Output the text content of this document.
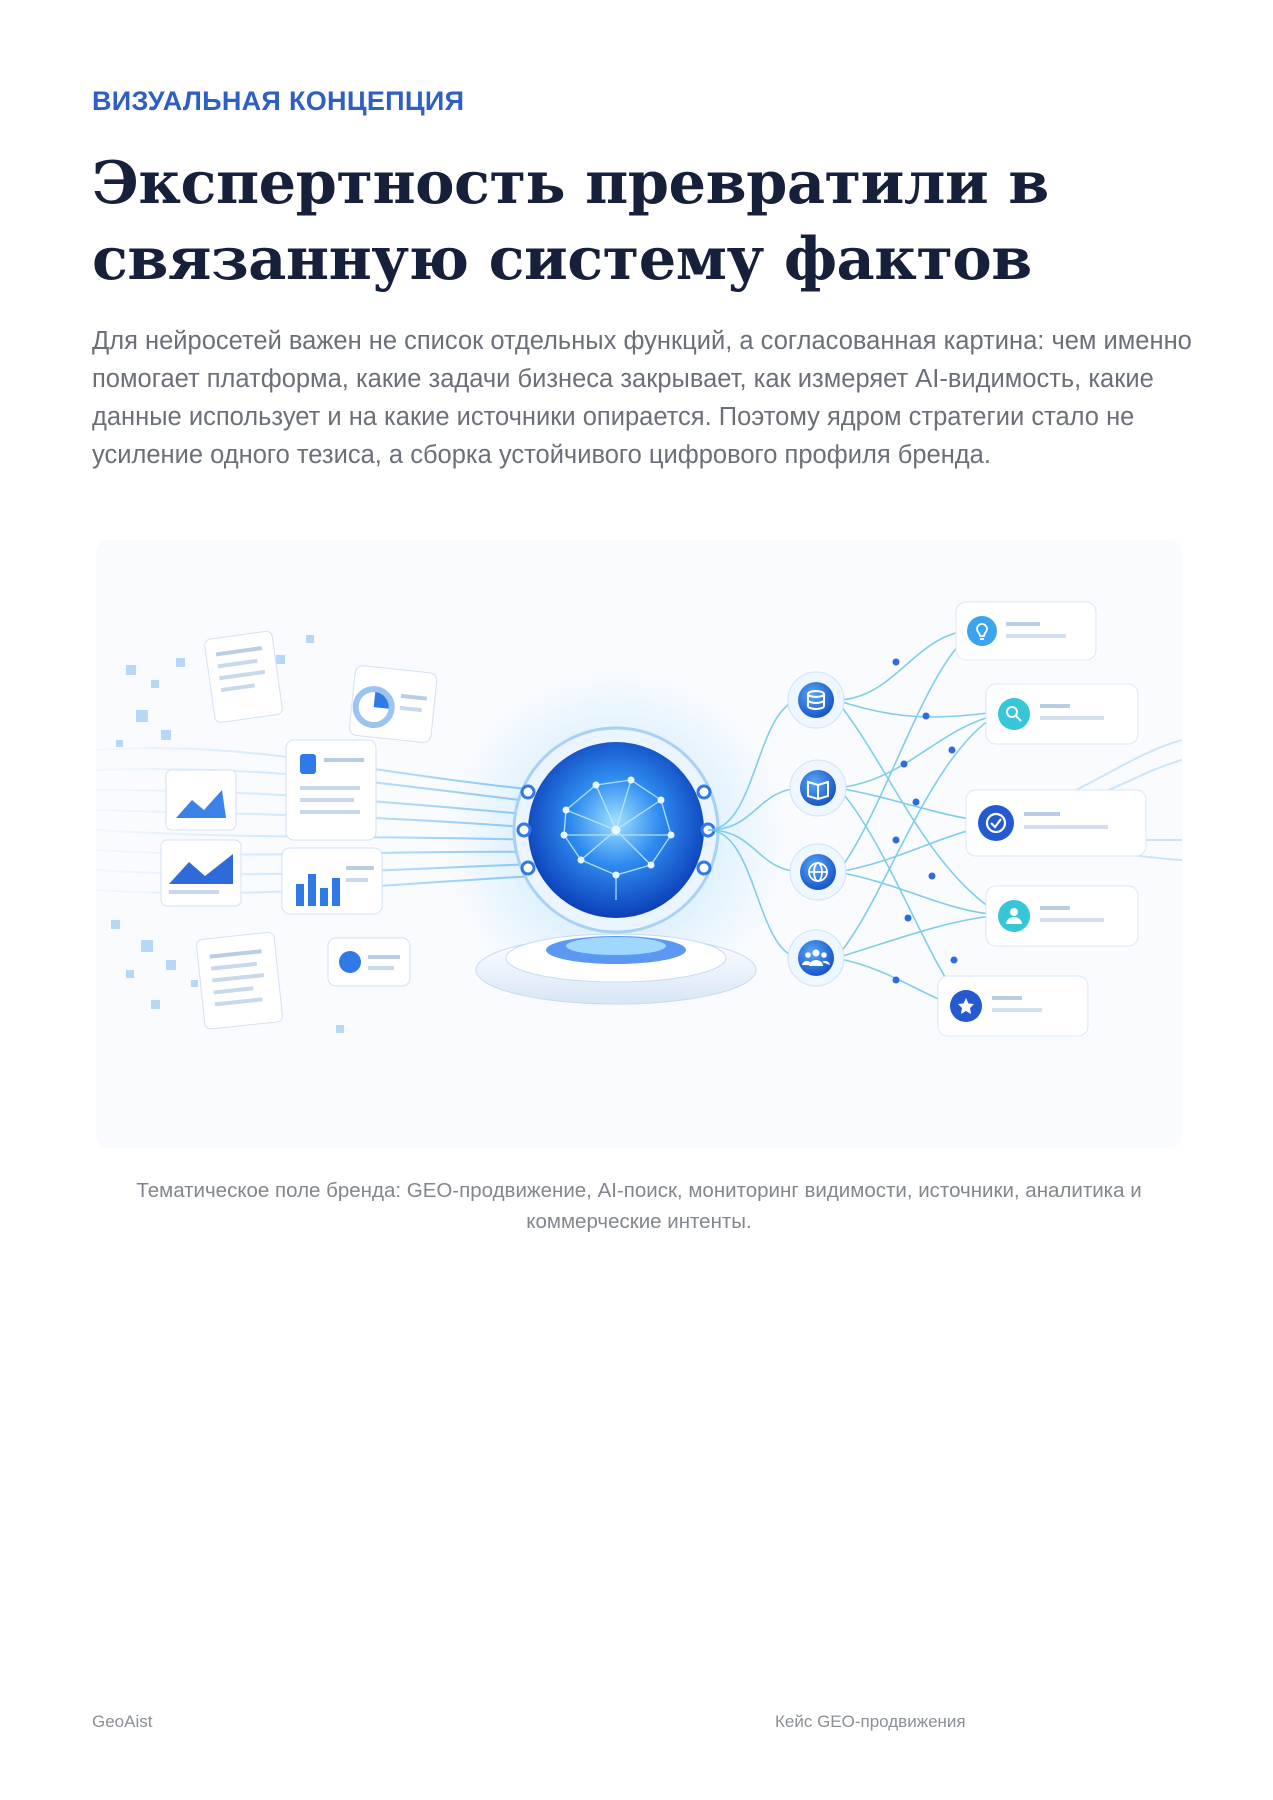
ВИЗУАЛЬНАЯ КОНЦЕПЦИЯ
Экспертность превратили в
связанную систему фактов

Для нейросетей важен не список отдельных функций, а согласованная картина: чем именно помогает платформа, какие задачи бизнеса закрывает, как измеряет AI-видимость, какие данные использует и на какие источники опирается. Поэтому ядром стратегии стало не усиление одного тезиса, а сборка устойчивого цифрового профиля бренда.

Тематическое поле бренда: GEO-продвижение, AI-поиск, мониторинг видимости, источники, аналитика и коммерческие интенты.

GeoAist	Кейс GEO-продвижения
